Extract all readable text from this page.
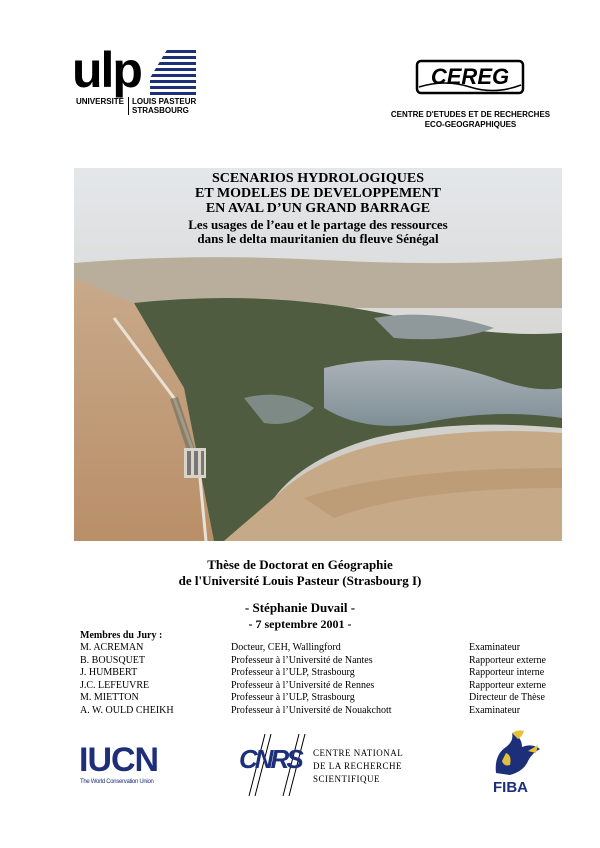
ulp
UNIVERSITÉ LOUIS PASTEUR
STRASBOURG
CEREG
CENTRE D'ETUDES ET DE RECHERCHES
ECO-GEOGRAPHIQUES
SCENARIOS HYDROLOGIQUES
ET MODELES DE DEVELOPPEMENT
EN AVAL D’UN GRAND BARRAGE
Les usages de l’eau et le partage des ressources
dans le delta mauritanien du fleuve Sénégal
Thèse de Doctorat en Géographie
de l'Université Louis Pasteur (Strasbourg I)
- Stéphanie Duvail -
- 7 septembre 2001 -
Membres du Jury :
M. ACREMAN	Docteur, CEH, Wallingford	Examinateur
B. BOUSQUET	Professeur à l’Université de Nantes	Rapporteur externe
J. HUMBERT	Professeur à l’ULP, Strasbourg	Rapporteur interne
J.C. LEFEUVRE	Professeur à l’Université de Rennes	Rapporteur externe
M. MIETTON	Professeur à l’ULP, Strasbourg	Directeur de Thèse
A. W. OULD CHEIKH	Professeur à l’Université de Nouakchott	Examinateur
IUCN
The World Conservation Union
CNRS	CENTRE NATIONAL
DE LA RECHERCHE
SCIENTIFIQUE	FIBA
